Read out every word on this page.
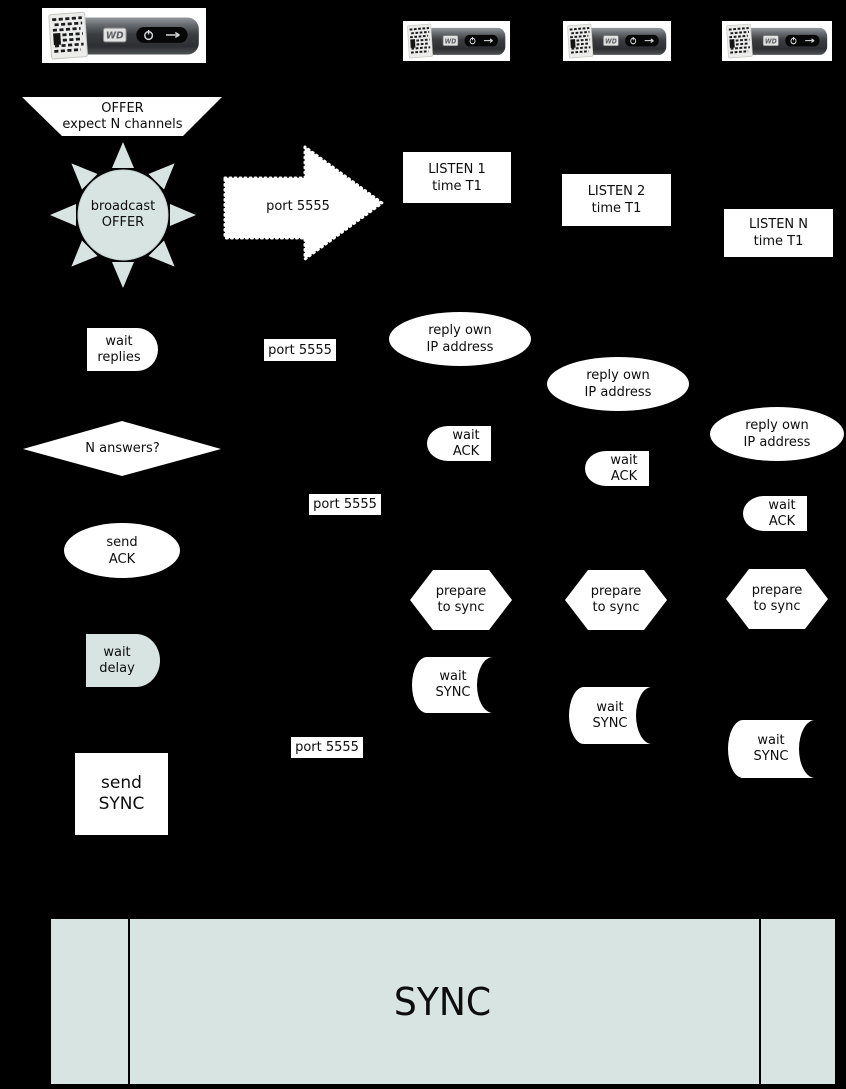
OFFER
expect N channels
broadcast
OFFER
port 5555
LISTEN 1
time T1	LISTEN 2
time T1
LISTEN N
time T1
wait
replies	port 5555
port 5555
port 5555
reply own
IP address
reply own
IP address
reply own
IP address
N answers?
wait
ACK
wait
ACK
wait
ACK
send
ACK
prepare
to sync
prepare
to sync
prepare
to sync
wait
delay
wait
SYNC
wait
SYNC
wait
SYNC
send
SYNC
SYNC
